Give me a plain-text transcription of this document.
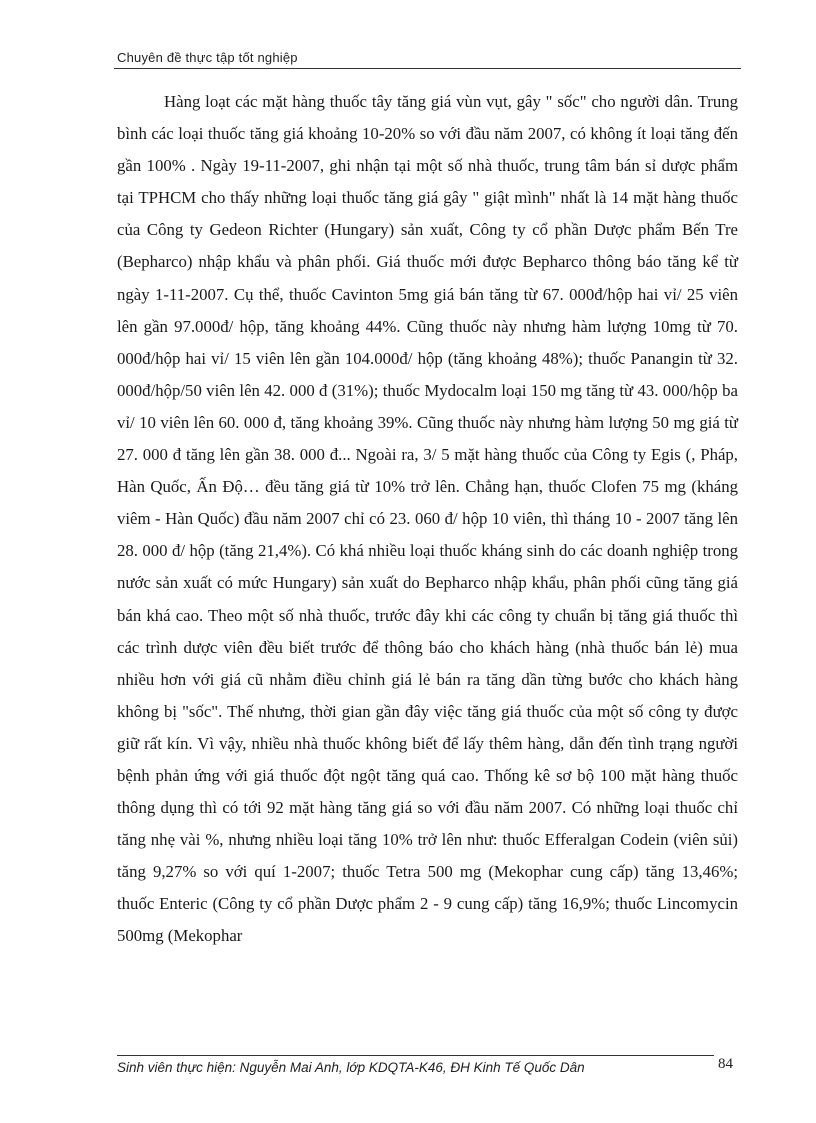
Chuyên đề thực tập tốt nghiệp

Hàng loạt các mặt hàng thuốc tây tăng giá vùn vụt, gây " sốc" cho người dân. Trung bình các loại thuốc tăng giá khoảng 10-20% so với đầu năm 2007, có không ít loại tăng đến gần 100% . Ngày 19-11-2007, ghi nhận tại một số nhà thuốc, trung tâm bán sỉ dược phẩm tại TPHCM cho thấy những loại thuốc tăng giá gây " giật mình" nhất là 14 mặt hàng thuốc của Công ty Gedeon Richter (Hungary) sản xuất, Công ty cổ phần Dược phẩm Bến Tre (Bepharco) nhập khẩu và phân phối. Giá thuốc mới được Bepharco thông báo tăng kể từ ngày 1-11-2007. Cụ thể, thuốc Cavinton 5mg giá bán tăng từ 67. 000đ/hộp hai vỉ/ 25 viên lên gần 97.000đ/ hộp, tăng khoảng 44%. Cũng thuốc này nhưng hàm lượng 10mg từ 70. 000đ/hộp hai vỉ/ 15 viên lên gần 104.000đ/ hộp (tăng khoảng 48%); thuốc Panangin từ 32. 000đ/hộp/50 viên lên 42. 000 đ (31%); thuốc Mydocalm loại 150 mg tăng từ 43. 000/hộp ba vỉ/ 10 viên lên 60. 000 đ, tăng khoảng 39%. Cũng thuốc này nhưng hàm lượng 50 mg giá từ 27. 000 đ tăng lên gần 38. 000 đ... Ngoài ra, 3/ 5 mặt hàng thuốc của Công ty Egis (, Pháp, Hàn Quốc, Ấn Độ… đều tăng giá từ 10% trở lên. Chẳng hạn, thuốc Clofen 75 mg (kháng viêm - Hàn Quốc) đầu năm 2007 chỉ có 23. 060 đ/ hộp 10 viên, thì tháng 10 - 2007 tăng lên 28. 000 đ/ hộp (tăng 21,4%). Có khá nhiều loại thuốc kháng sinh do các doanh nghiệp trong nước sản xuất có mức Hungary) sản xuất do Bepharco nhập khẩu, phân phối cũng tăng giá bán khá cao. Theo một số nhà thuốc, trước đây khi các công ty chuẩn bị tăng giá thuốc thì các trình dược viên đều biết trước để thông báo cho khách hàng (nhà thuốc bán lẻ) mua nhiều hơn với giá cũ nhằm điều chỉnh giá lẻ bán ra tăng dần từng bước cho khách hàng không bị "sốc". Thế nhưng, thời gian gần đây việc tăng giá thuốc của một số công ty được giữ rất kín. Vì vậy, nhiều nhà thuốc không biết để lấy thêm hàng, dẫn đến tình trạng người bệnh phản ứng với giá thuốc đột ngột tăng quá cao. Thống kê sơ bộ 100 mặt hàng thuốc thông dụng thì có tới 92 mặt hàng tăng giá so với đầu năm 2007. Có những loại thuốc chỉ tăng nhẹ vài %, nhưng nhiều loại tăng 10% trở lên như: thuốc Efferalgan Codein (viên sủi) tăng 9,27% so với quí 1-2007; thuốc Tetra 500 mg (Mekophar cung cấp) tăng 13,46%; thuốc Enteric (Công ty cổ phần Dược phẩm 2 - 9 cung cấp) tăng 16,9%; thuốc Lincomycin 500mg (Mekophar

Sinh viên thực hiện: Nguyễn Mai Anh, lớp KDQTA-K46, ĐH Kinh Tế Quốc Dân	84
